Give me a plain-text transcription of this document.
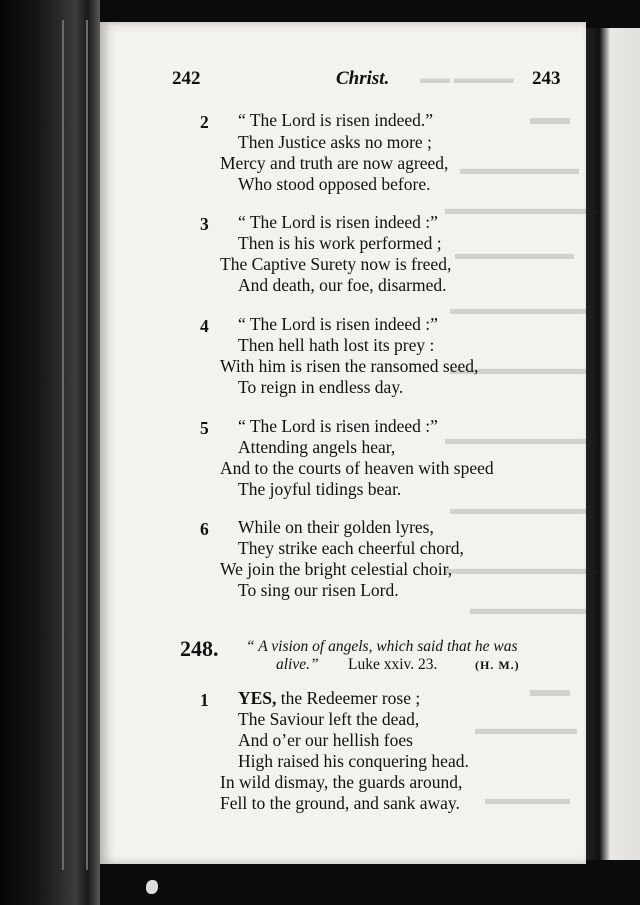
▬▬ ▬▬▬▬
▬▬
▬▬▬▬▬▬▬
▬▬▬▬▬▬▬▬▬
▬▬▬▬▬▬▬
▬▬▬▬▬▬▬▬
▬▬▬▬▬▬▬▬
▬▬▬▬▬▬▬▬▬
▬▬▬▬▬▬▬▬
▬▬▬▬▬▬▬▬▬
▬▬▬▬▬▬▬
▬▬
▬▬▬▬▬▬
▬▬▬▬▬
242	Christ.	243
2 “ The Lord is risen indeed.”
Then Justice asks no more ;
Mercy and truth are now agreed,
Who stood opposed before.
3 “ The Lord is risen indeed :”
Then is his work performed ;
The Captive Surety now is freed,
And death, our foe, disarmed.
4 “ The Lord is risen indeed :”
Then hell hath lost its prey :
With him is risen the ransomed seed,
To reign in endless day.
5 “ The Lord is risen indeed :”
Attending angels hear,
And to the courts of heaven with speed
The joyful tidings bear.
6 While on their golden lyres,
They strike each cheerful chord,
We join the bright celestial choir,
To sing our risen Lord.
248. “ A vision of angels, which said that he was
alive.” Luke xxiv. 23.	(H. M.)
1 YES, the Redeemer rose ;
The Saviour left the dead,
And o’er our hellish foes
High raised his conquering head.
In wild dismay, the guards around,
Fell to the ground, and sank away.
